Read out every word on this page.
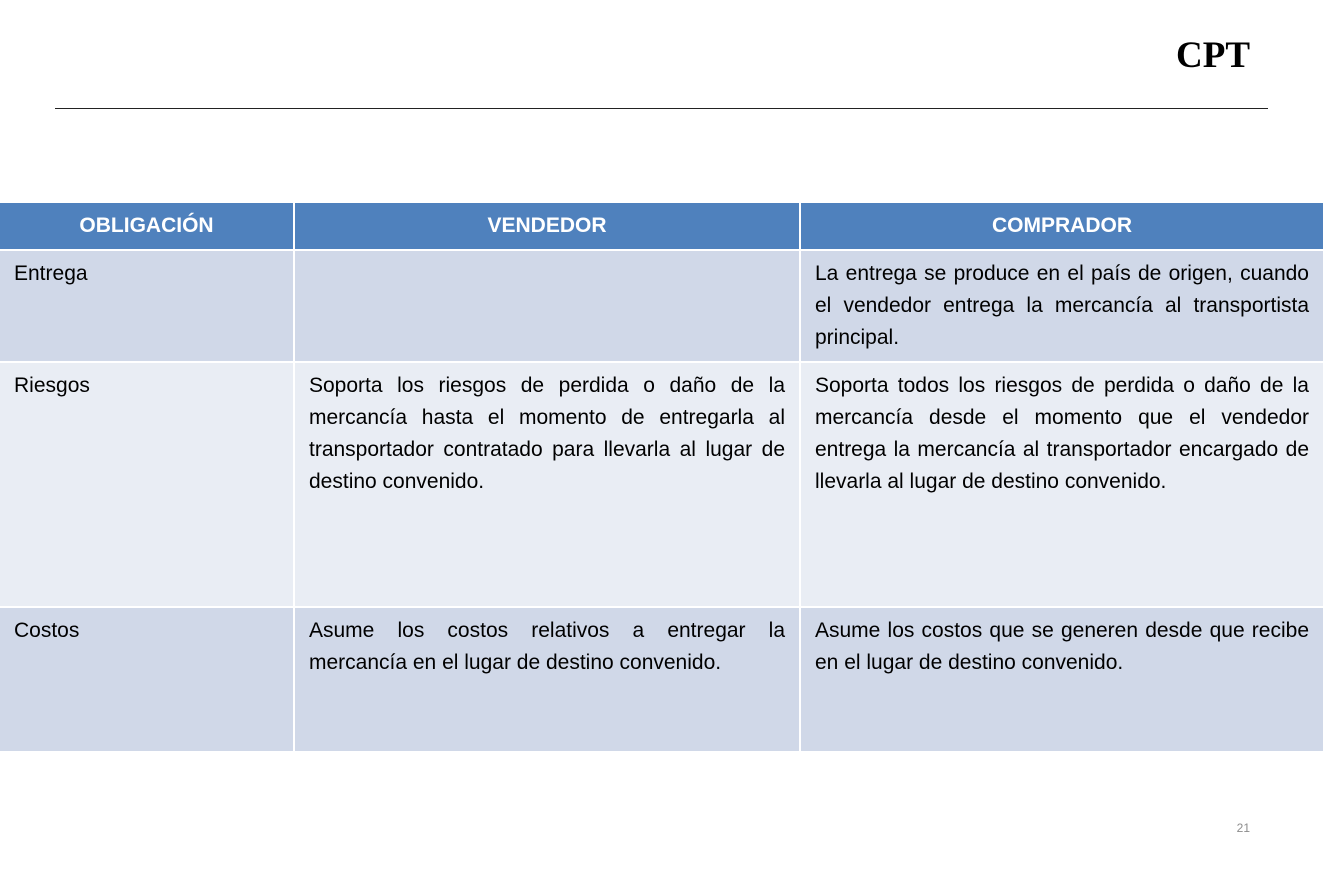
CPT
OBLIGACIÓN	VENDEDOR	COMPRADOR
Entrega		La entrega se produce en el país de origen, cuando el vendedor entrega la mercancía al transportista principal.
Riesgos	Soporta los riesgos de perdida o daño de la mercancía hasta el momento de entregarla al transportador contratado para llevarla al lugar de destino convenido.	Soporta todos los riesgos de perdida o daño de la mercancía desde el momento que el vendedor entrega la mercancía al transportador encargado de llevarla al lugar de destino convenido.
Costos	Asume los costos relativos a entregar la mercancía en el lugar de destino convenido.	Asume los costos que se generen desde que recibe en el lugar de destino convenido.
21
